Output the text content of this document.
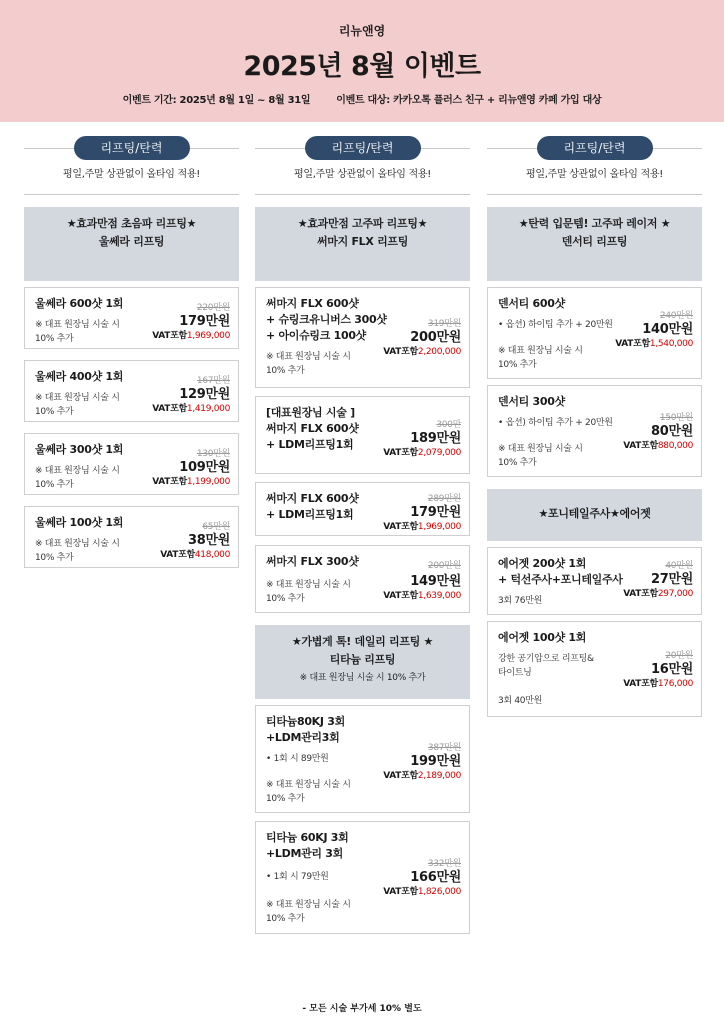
리뉴앤영
2025년 8월 이벤트
이벤트 기간: 2025년 8월 1일 ~ 8월 31일	이벤트 대상: 카카오톡 플러스 친구 + 리뉴앤영 카페 가입 대상
리프팅/탄력
평일,주말 상관없이 올타임 적용!
★효과만점 초음파 리프팅★
울쎄라 리프팅
울쎄라 600샷 1회
※ 대표 원장님 시술 시
10% 추가
220만원
179만원
VAT포함1,969,000
울쎄라 400샷 1회
※ 대표 원장님 시술 시
10% 추가
167만원
129만원
VAT포함1,419,000
울쎄라 300샷 1회
※ 대표 원장님 시술 시
10% 추가
130만원
109만원
VAT포함1,199,000
울쎄라 100샷 1회
※ 대표 원장님 시술 시
10% 추가
65만원
38만원
VAT포함418,000
리프팅/탄력
평일,주말 상관없이 올타임 적용!
★효과만점 고주파 리프팅★
써마지 FLX 리프팅
써마지 FLX 600샷
+ 슈링크유니버스 300샷
+ 아이슈링크 100샷
※ 대표 원장님 시술 시
10% 추가
319만원
200만원
VAT포함2,200,000
[대표원장님 시술 ]
써마지 FLX 600샷
+ LDM리프팅1회
300만
189만원
VAT포함2,079,000
써마지 FLX 600샷
+ LDM리프팅1회
289만원
179만원
VAT포함1,969,000
써마지 FLX 300샷
※ 대표 원장님 시술 시
10% 추가
200만원
149만원
VAT포함1,639,000
★가볍게 톡! 데일리 리프팅 ★
티타늄 리프팅
※ 대표 원장님 시술 시 10% 추가
티타늄80KJ 3회
+LDM관리3회
• 1회 시 89만원
※ 대표 원장님 시술 시
10% 추가
387만원
199만원
VAT포함2,189,000
티타늄 60KJ 3회
+LDM관리 3회
• 1회 시 79만원
※ 대표 원장님 시술 시
10% 추가
332만원
166만원
VAT포함1,826,000
리프팅/탄력
평일,주말 상관없이 올타임 적용!
★탄력 입문템! 고주파 레이저 ★
덴서티 리프팅
덴서티 600샷
• 옵션) 하이팁 추가 + 20만원
※ 대표 원장님 시술 시
10% 추가
240만원
140만원
VAT포함1,540,000
덴서티 300샷
• 옵션) 하이팁 추가 + 20만원
※ 대표 원장님 시술 시
10% 추가
150만원
80만원
VAT포함880,000
★포니테일주사★에어젯
에어젯 200샷 1회
+ 턱선주사+포니테일주사
3회 76만원
40만원
27만원
VAT포함297,000
에어젯 100샷 1회
강한 공기압으로 리프팅&
타이트닝
3회 40만원
20만원
16만원
VAT포함176,000
- 모든 시술 부가세 10% 별도
